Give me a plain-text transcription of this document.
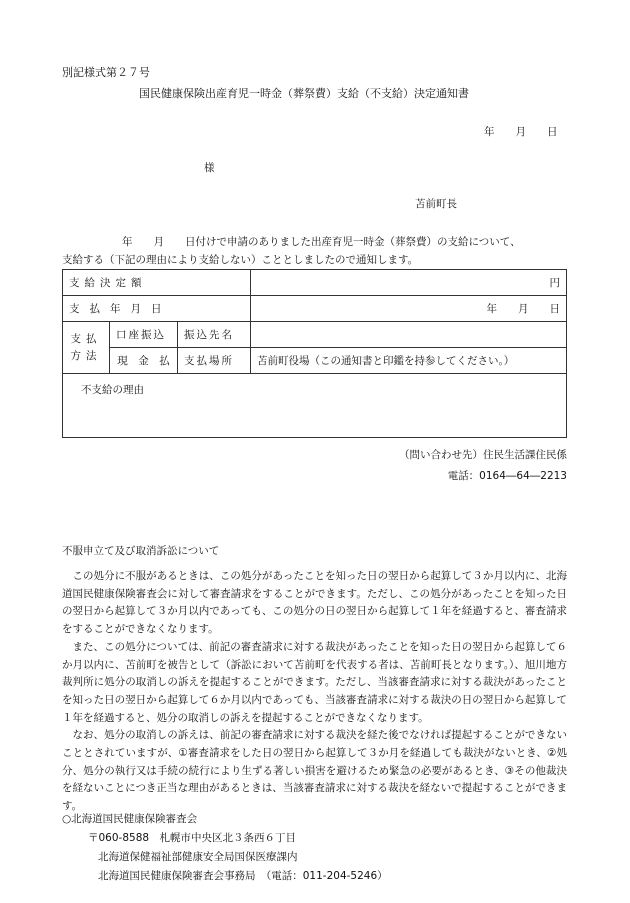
別記様式第２７号
国民健康保険出産育児一時金（葬祭費）支給（不支給）決定通知書
年　　月　　日
様
苫前町長
年　　月　　日付けで申請のありました出産育児一時金（葬祭費）の支給について、
支給する（下記の理由により支給しない）こととしましたので通知します。
支給決定額			円
支払年月日			年　　月　　日
支払
方法	口座振込	振込先名	
	現　金　払	支払場所	苫前町役場（この通知書と印鑑を持参してください。）
不支給の理由			
（問い合わせ先）住民生活課住民係
電話：0164―64―2213
不服申立て及び取消訴訟について

この処分に不服があるときは、この処分があったことを知った日の翌日から起算して３か月以内に、北海道国民健康保険審査会に対して審査請求をすることができます。ただし、この処分があったことを知った日の翌日から起算して３か月以内であっても、この処分の日の翌日から起算して１年を経過すると、審査請求をすることができなくなります。

また、この処分については、前記の審査請求に対する裁決があったことを知った日の翌日から起算して６か月以内に、苫前町を被告として（訴訟において苫前町を代表する者は、苫前町長となります。）、旭川地方裁判所に処分の取消しの訴えを提起することができます。ただし、当該審査請求に対する裁決があったことを知った日の翌日から起算して６か月以内であっても、当該審査請求に対する裁決の日の翌日から起算して１年を経過すると、処分の取消しの訴えを提起することができなくなります。

なお、処分の取消しの訴えは、前記の審査請求に対する裁決を経た後でなければ提起することができないこととされていますが、①審査請求をした日の翌日から起算して３か月を経過しても裁決がないとき、②処分、処分の執行又は手続の続行により生ずる著しい損害を避けるため緊急の必要があるとき、③その他裁決を経ないことにつき正当な理由があるときは、当該審査請求に対する裁決を経ないで提起することができます。

○北海道国民健康保険審査会
〒060-8588　札幌市中央区北３条西６丁目
北海道保健福祉部健康安全局国保医療課内
北海道国民健康保険審査会事務局　（電話：011-204-5246）
